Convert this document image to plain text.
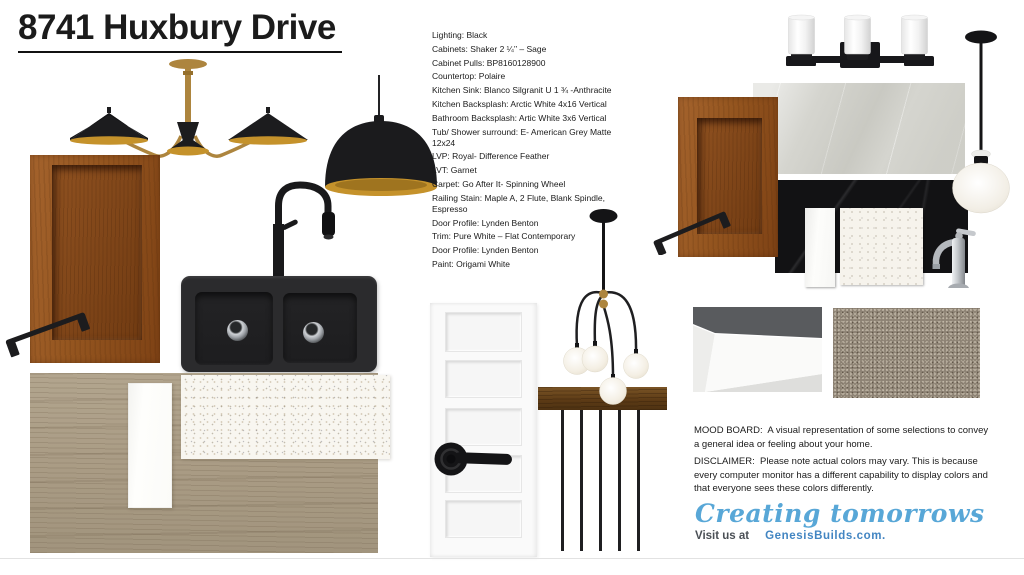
8741 Huxbury Drive	Lighting: Black
Cabinets: Shaker 2 ¼’’ – Sage
Cabinet Pulls: BP8160128900
Countertop: Polaire
Kitchen Sink: Blanco Silgranit U 1 ¾ -Anthracite
Kitchen Backsplash: Arctic White 4x16 Vertical
Bathroom Backsplash: Artic White 3x6 Vertical
Tub/ Shower surround: E- American Grey Matte 12x24
LVP: Royal- Difference Feather
LVT: Garnet
Carpet: Go After It- Spinning Wheel
Railing Stain: Maple A, 2 Flute, Blank Spindle, Espresso
Door Profile: Lynden Benton
Trim: Pure White – Flat Contemporary
Door Profile: Lynden Benton
Paint: Origami White

MOOD BOARD: A visual representation of some selections to convey a general idea or feeling about your home.

DISCLAIMER: Please note actual colors may vary. This is because every computer monitor has a different capability to display colors and that everyone sees these colors differently.

Creating tomorrows
Visit us at GenesisBuilds.com.
